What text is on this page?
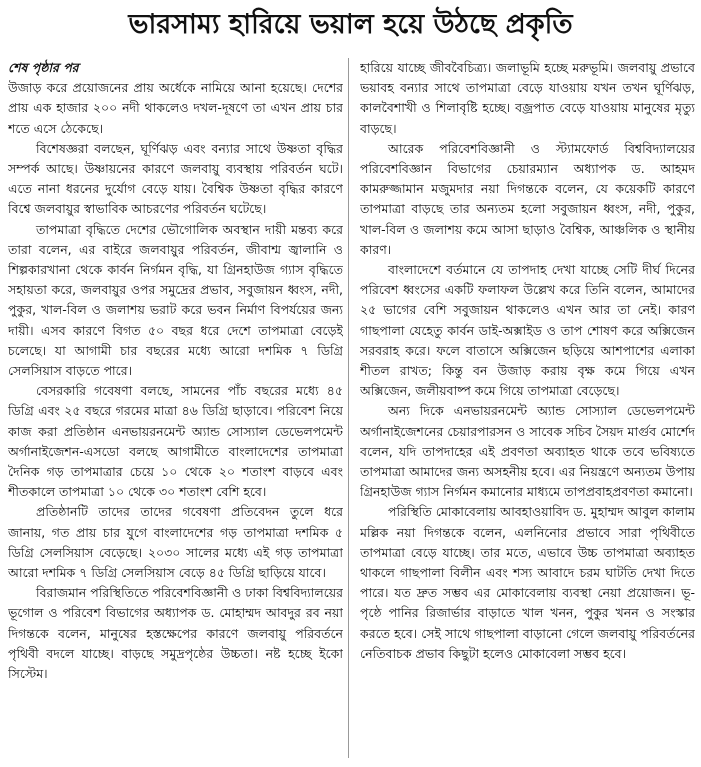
ভারসাম্য হারিয়ে ভয়াল হয়ে উঠছে প্রকৃতি

শেষ পৃষ্ঠার পর

উজাড় করে প্রয়োজনের প্রায় অর্ধেকে নামিয়ে আনা হয়েছে। দেশের প্রায় এক হাজার ২০০ নদী থাকলেও দখল-দূষণে তা এখন প্রায় চার শতে এসে ঠেকেছে।

বিশেষজ্ঞরা বলছেন, ঘূর্ণিঝড় এবং বন্যার সাথে উষ্ণতা বৃদ্ধির সম্পর্ক আছে। উষ্ণায়নের কারণে জলবায়ু ব্যবস্থায় পরিবর্তন ঘটে। এতে নানা ধরনের দুর্যোগ বেড়ে যায়। বৈশ্বিক উষ্ণতা বৃদ্ধির কারণে বিশ্বে জলবায়ুর স্বাভাবিক আচরণের পরিবর্তন ঘটেছে।

তাপমাত্রা বৃদ্ধিতে দেশের ভৌগোলিক অবস্থান দায়ী মন্তব্য করে তারা বলেন, এর বাইরে জলবায়ুর পরিবর্তন, জীবাশ্ম জ্বালানি ও শিল্পকারখানা থেকে কার্বন নির্গমন বৃদ্ধি, যা গ্রিনহাউজ গ্যাস বৃদ্ধিতে সহায়তা করে, জলবায়ুর ওপর সমুদ্রের প্রভাব, সবুজায়ন ধ্বংস, নদী, পুকুর, খাল-বিল ও জলাশয় ভরাট করে ভবন নির্মাণ বিপর্যয়ের জন্য দায়ী। এসব কারণে বিগত ৫০ বছর ধরে দেশে তাপমাত্রা বেড়েই চলেছে। যা আগামী চার বছরের মধ্যে আরো দশমিক ৭ ডিগ্রি সেলসিয়াস বাড়তে পারে।

বেসরকারি গবেষণা বলছে, সামনের পাঁচ বছরের মধ্যে ৪৫ ডিগ্রি এবং ২৫ বছরে গরমের মাত্রা ৪৬ ডিগ্রি ছাড়াবে। পরিবেশ নিয়ে কাজ করা প্রতিষ্ঠান এনভায়রনমেন্ট অ্যান্ড সোস্যাল ডেভেলপমেন্ট অর্গানাইজেশন-এসডো বলছে আগামীতে বাংলাদেশের তাপমাত্রা দৈনিক গড় তাপমাত্রার চেয়ে ১০ থেকে ২০ শতাংশ বাড়বে এবং শীতকালে তাপমাত্রা ১০ থেকে ৩০ শতাংশ বেশি হবে।

প্রতিষ্ঠানটি তাদের তাদের গবেষণা প্রতিবেদন তুলে ধরে জানায়, গত প্রায় চার যুগে বাংলাদেশের গড় তাপমাত্রা দশমিক ৫ ডিগ্রি সেলসিয়াস বেড়েছে। ২০৩০ সালের মধ্যে এই গড় তাপমাত্রা আরো দশমিক ৭ ডিগ্রি সেলসিয়াস বেড়ে ৪৫ ডিগ্রি ছাড়িয়ে যাবে।

বিরাজমান পরিস্থিতিতে পরিবেশবিজ্ঞানী ও ঢাকা বিশ্ববিদ্যালয়ের ভূগোল ও পরিবেশ বিভাগের অধ্যাপক ড. মোহাম্মদ আবদুর রব নয়া দিগন্তকে বলেন, মানুষের হস্তক্ষেপের কারণে জলবায়ু পরিবর্তনে পৃথিবী বদলে যাচ্ছে। বাড়ছে সমুদ্রপৃষ্ঠের উচ্চতা। নষ্ট হচ্ছে ইকো সিস্টেম।

হারিয়ে যাচ্ছে জীববৈচিত্র্য। জলাভূমি হচ্ছে মরুভূমি। জলবায়ু প্রভাবে ভয়াবহ বন্যার সাথে তাপমাত্রা বেড়ে যাওয়ায় যখন তখন ঘূর্ণিঝড়, কালবৈশাখী ও শিলাবৃষ্টি হচ্ছে। বজ্রপাত বেড়ে যাওয়ায় মানুষের মৃত্যু বাড়ছে।

আরেক পরিবেশবিজ্ঞানী ও স্ট্যামফোর্ড বিশ্ববিদ্যালয়ের পরিবেশবিজ্ঞান বিভাগের চেয়ারম্যান অধ্যাপক ড. আহমদ কামরুজ্জামান মজুমদার নয়া দিগন্তকে বলেন, যে কয়েকটি কারণে তাপমাত্রা বাড়ছে তার অন্যতম হলো সবুজায়ন ধ্বংস, নদী, পুকুর, খাল-বিল ও জলাশয় কমে আসা ছাড়াও বৈশ্বিক, আঞ্চলিক ও স্থানীয় কারণ।

বাংলাদেশে বর্তমানে যে তাপদাহ দেখা যাচ্ছে সেটি দীর্ঘ দিনের পরিবেশ ধ্বংসের একটি ফলাফল উল্লেখ করে তিনি বলেন, আমাদের ২৫ ভাগের বেশি সবুজায়ন থাকলেও এখন আর তা নেই। কারণ গাছপালা যেহেতু কার্বন ডাই-অক্সাইড ও তাপ শোষণ করে অক্সিজেন সরবরাহ করে। ফলে বাতাসে অক্সিজেন ছড়িয়ে আশপাশের এলাকা শীতল রাখত; কিন্তু বন উজাড় করায় বৃক্ষ কমে গিয়ে এখন অক্সিজেন, জলীয়বাষ্প কমে গিয়ে তাপমাত্রা বেড়েছে।

অন্য দিকে এনভায়রনমেন্ট অ্যান্ড সোস্যাল ডেভেলপমেন্ট অর্গানাইজেশনের চেয়ারপারসন ও সাবেক সচিব সৈয়দ মার্গুব মোর্শেদ বলেন, যদি তাপদাহের এই প্রবণতা অব্যাহত থাকে তবে ভবিষ্যতে তাপমাত্রা আমাদের জন্য অসহনীয় হবে। এর নিয়ন্ত্রণে অন্যতম উপায় গ্রিনহাউজ গ্যাস নির্গমন কমানোর মাধ্যমে তাপপ্রবাহপ্রবণতা কমানো।

পরিস্থিতি মোকাবেলায় আবহাওয়াবিদ ড. মুহাম্মদ আবুল কালাম মল্লিক নয়া দিগন্তকে বলেন, এলনিনোর প্রভাবে সারা পৃথিবীতে তাপমাত্রা বেড়ে যাচ্ছে। তার মতে, এভাবে উচ্চ তাপমাত্রা অব্যাহত থাকলে গাছপালা বিলীন এবং শস্য আবাদে চরম ঘাটতি দেখা দিতে পারে। যত দ্রুত সম্ভব এর মোকাবেলায় ব্যবস্থা নেয়া প্রয়োজন। ভূ-পৃষ্ঠে পানির রিজার্ভার বাড়াতে খাল খনন, পুকুর খনন ও সংস্কার করতে হবে। সেই সাথে গাছপালা বাড়ানো গেলে জলবায়ু পরিবর্তনের নেতিবাচক প্রভাব কিছুটা হলেও মোকাবেলা সম্ভব হবে।
